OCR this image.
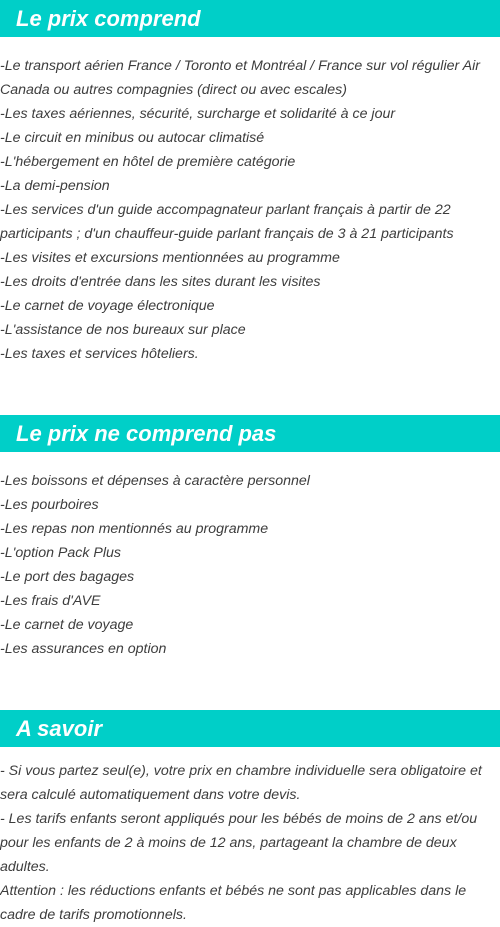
Le prix comprend
-Le transport aérien France / Toronto et Montréal / France sur vol régulier Air Canada ou autres compagnies (direct ou avec escales)
-Les taxes aériennes, sécurité, surcharge et solidarité à ce jour
-Le circuit en minibus ou autocar climatisé
-L'hébergement en hôtel de première catégorie
-La demi-pension
-Les services d'un guide accompagnateur parlant français à partir de 22 participants ; d'un chauffeur-guide parlant français de 3 à 21 participants
-Les visites et excursions mentionnées au programme
-Les droits d'entrée dans les sites durant les visites
-Le carnet de voyage électronique
-L'assistance de nos bureaux sur place
-Les taxes et services hôteliers.
Le prix ne comprend pas
-Les boissons et dépenses à caractère personnel
-Les pourboires
-Les repas non mentionnés au programme
-L'option Pack Plus
-Le port des bagages
-Les frais d'AVE
-Le carnet de voyage
-Les assurances en option
A savoir
- Si vous partez seul(e), votre prix en chambre individuelle sera obligatoire et sera calculé automatiquement dans votre devis.
- Les tarifs enfants seront appliqués pour les bébés de moins de 2 ans et/ou pour les enfants de 2 à moins de 12 ans, partageant la chambre de deux adultes.
Attention : les réductions enfants et bébés ne sont pas applicables dans le cadre de tarifs promotionnels.
